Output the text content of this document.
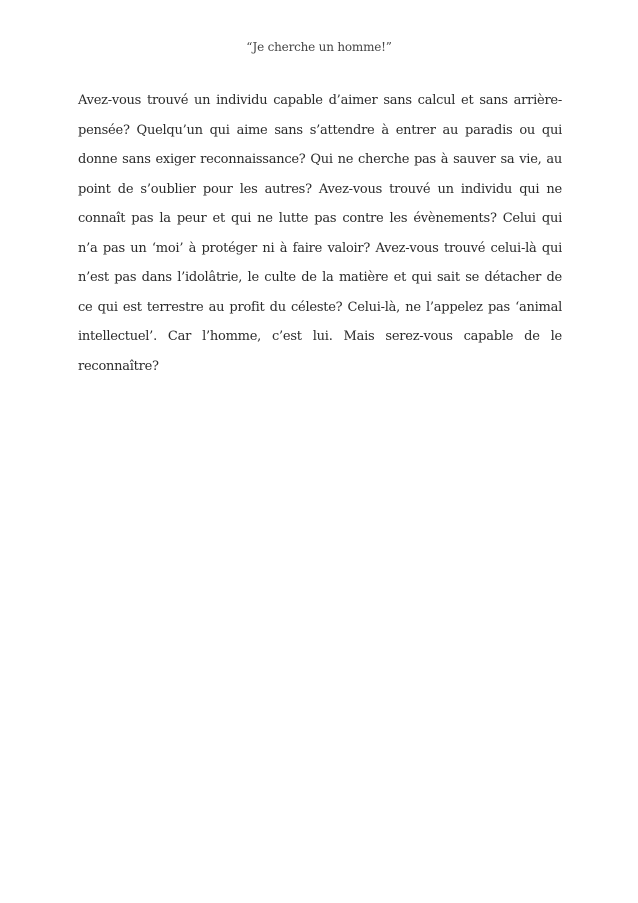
“Je cherche un homme!”

Avez-vous trouvé un individu capable d’aimer sans calcul et sans arrière-pensée? Quelqu’un qui aime sans s’attendre à entrer au paradis ou qui donne sans exiger reconnaissance? Qui ne cherche pas à sauver sa vie, au point de s’oublier pour les autres? Avez-vous trouvé un individu qui ne connaît pas la peur et qui ne lutte pas contre les évènements? Celui qui n’a pas un ‘moi’ à protéger ni à faire valoir? Avez-vous trouvé celui-là qui n’est pas dans l’idolâtrie, le culte de la matière et qui sait se détacher de ce qui est terrestre au profit du céleste? Celui-là, ne l’appelez pas ‘animal intellectuel’. Car l’homme, c’est lui. Mais serez-vous capable de le reconnaître?
